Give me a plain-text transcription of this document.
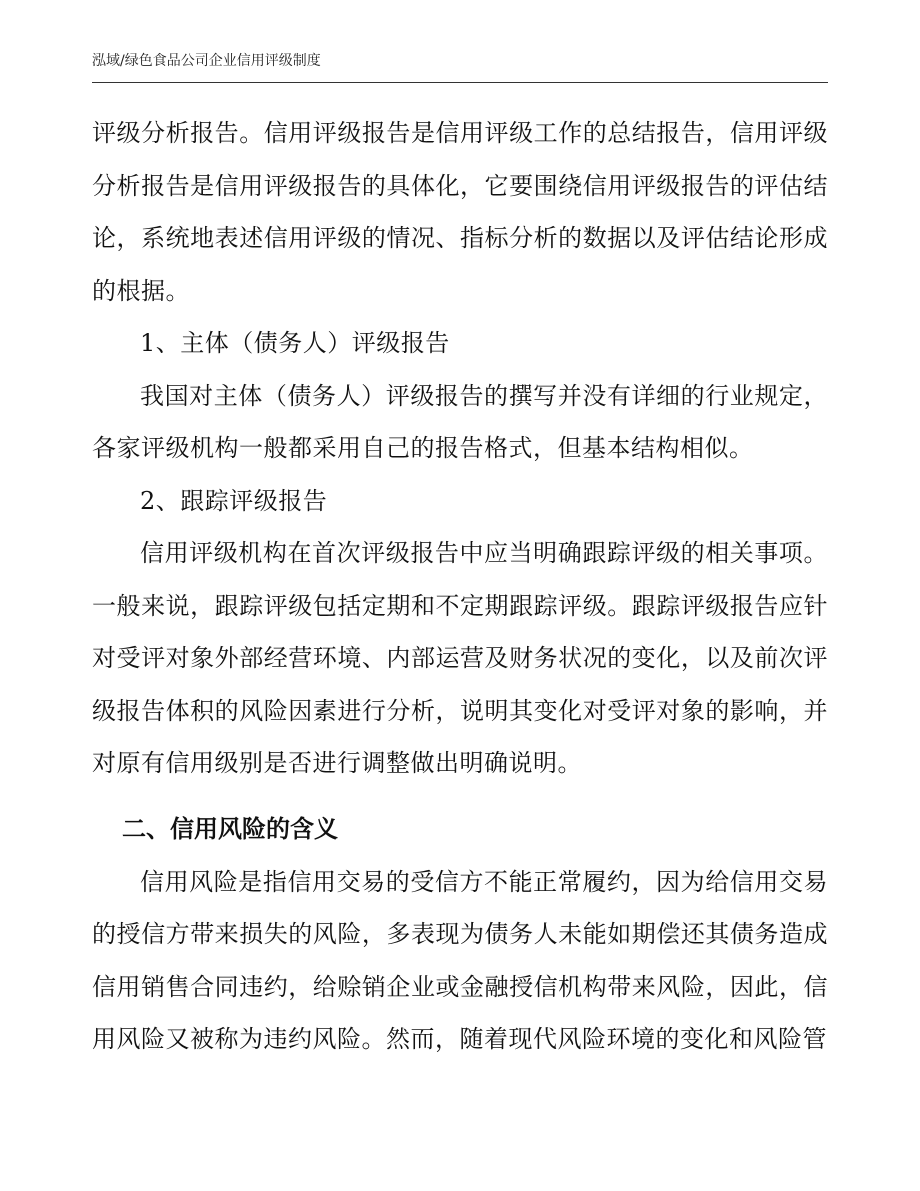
泓域/绿色食品公司企业信用评级制度

评级分析报告。信用评级报告是信用评级工作的总结报告，信用评级分析报告是信用评级报告的具体化，它要围绕信用评级报告的评估结论，系统地表述信用评级的情况、指标分析的数据以及评估结论形成的根据。

1、主体（债务人）评级报告

我国对主体（债务人）评级报告的撰写并没有详细的行业规定，各家评级机构一般都采用自己的报告格式，但基本结构相似。

2、跟踪评级报告

信用评级机构在首次评级报告中应当明确跟踪评级的相关事项。一般来说，跟踪评级包括定期和不定期跟踪评级。跟踪评级报告应针对受评对象外部经营环境、内部运营及财务状况的变化，以及前次评级报告体积的风险因素进行分析，说明其变化对受评对象的影响，并对原有信用级别是否进行调整做出明确说明。

二、信用风险的含义

信用风险是指信用交易的受信方不能正常履约，因为给信用交易的授信方带来损失的风险，多表现为债务人未能如期偿还其债务造成信用销售合同违约，给赊销企业或金融授信机构带来风险，因此，信用风险又被称为违约风险。然而，随着现代风险环境的变化和风险管
